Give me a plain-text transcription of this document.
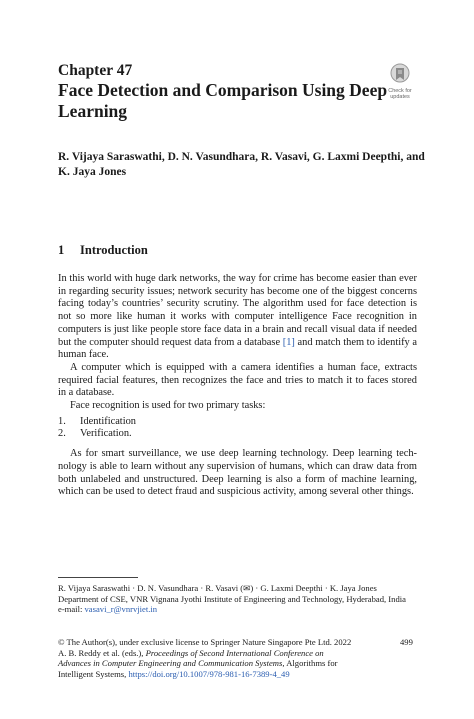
Chapter 47
Face Detection and Comparison Using Deep Learning
Check for
updates
R. Vijaya Saraswathi, D. N. Vasundhara, R. Vasavi, G. Laxmi Deepthi, and K. Jaya Jones
1 Introduction

In this world with huge dark networks, the way for crime has become easier than ever in regarding security issues; network security has become one of the biggest concerns facing today’s countries’ security scrutiny. The algorithm used for face detection is not so more like human it works with computer intelligence Face recognition in computers is just like people store face data in a brain and recall visual data if needed but the computer should request data from a database [1] and match them to identify a human face.

A computer which is equipped with a camera identifies a human face, extracts required facial features, then recognizes the face and tries to match it to faces stored in a database.

Face recognition is used for two primary tasks:

1.	Identification
2.	Verification.

As for smart surveillance, we use deep learning technology. Deep learning tech-nology is able to learn without any supervision of humans, which can draw data from both unlabeled and unstructured. Deep learning is also a form of machine learning, which can be used to detect fraud and suspicious activity, among several other things.

R. Vijaya Saraswathi · D. N. Vasundhara · R. Vasavi (✉) · G. Laxmi Deepthi · K. Jaya Jones
Department of CSE, VNR Vignana Jyothi Institute of Engineering and Technology, Hyderabad, India
e-mail: vasavi_r@vnrvjiet.in
© The Author(s), under exclusive license to Springer Nature Singapore Pte Ltd. 2022
A. B. Reddy et al. (eds.), Proceedings of Second International Conference on Advances in Computer Engineering and Communication Systems, Algorithms for Intelligent Systems, https://doi.org/10.1007/978-981-16-7389-4_49
499
